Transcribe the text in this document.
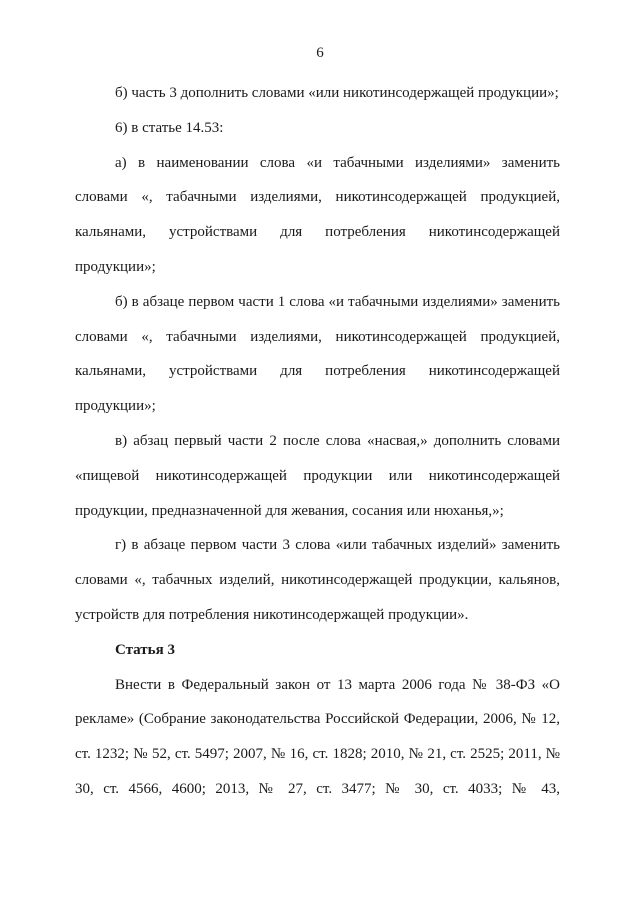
6

б) часть 3 дополнить словами «или никотинсодержащей продукции»;

6) в статье 14.53:

а) в наименовании слова «и табачными изделиями» заменить словами «, табачными изделиями, никотинсодержащей продукцией, кальянами, устройствами для потребления никотинсодержащей продукции»;

б) в абзаце первом части 1 слова «и табачными изделиями» заменить словами «, табачными изделиями, никотинсодержащей продукцией, кальянами, устройствами для потребления никотинсодержащей продукции»;

в) абзац первый части 2 после слова «насвая,» дополнить словами «пищевой никотинсодержащей продукции или никотинсодержащей продукции, предназначенной для жевания, сосания или нюханья,»;

г) в абзаце первом части 3 слова «или табачных изделий» заменить словами «, табачных изделий, никотинсодержащей продукции, кальянов, устройств для потребления никотинсодержащей продукции».

Статья 3

Внести в Федеральный закон от 13 марта 2006 года № 38-ФЗ «О рекламе» (Собрание законодательства Российской Федерации, 2006, № 12, ст. 1232; № 52, ст. 5497; 2007, № 16, ст. 1828; 2010, № 21, ст. 2525; 2011, № 30, ст. 4566, 4600; 2013, № 27, ст. 3477; № 30, ст. 4033; № 43,
